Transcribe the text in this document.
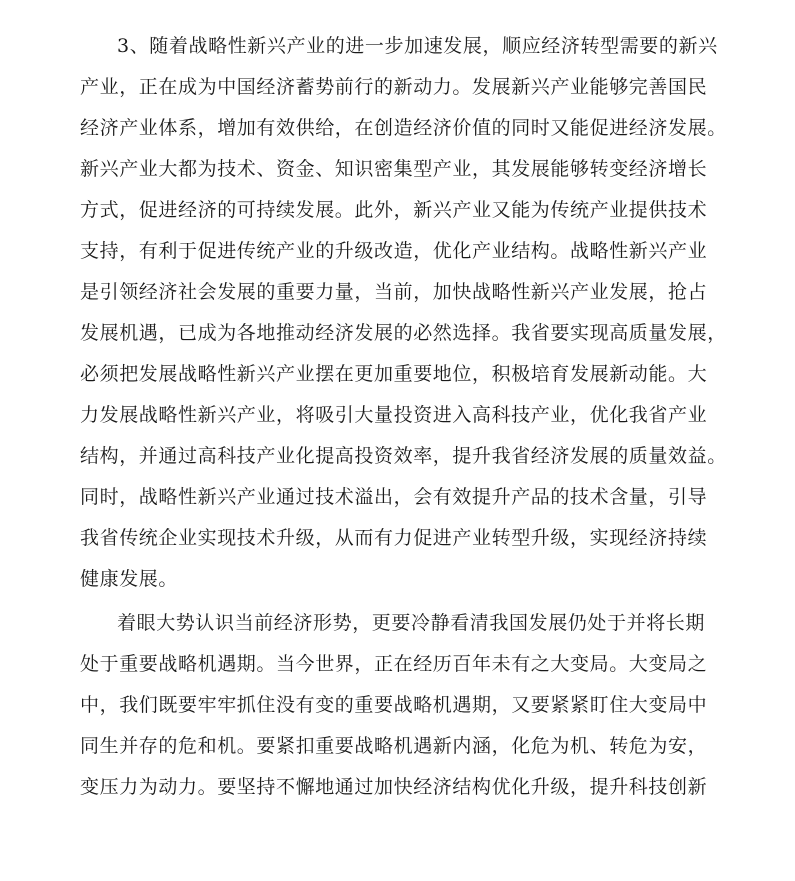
3、随着战略性新兴产业的进一步加速发展，顺应经济转型需要的新兴
产业，正在成为中国经济蓄势前行的新动力。发展新兴产业能够完善国民
经济产业体系，增加有效供给，在创造经济价值的同时又能促进经济发展。
新兴产业大都为技术、资金、知识密集型产业，其发展能够转变经济增长
方式，促进经济的可持续发展。此外，新兴产业又能为传统产业提供技术
支持，有利于促进传统产业的升级改造，优化产业结构。战略性新兴产业
是引领经济社会发展的重要力量，当前，加快战略性新兴产业发展，抢占
发展机遇，已成为各地推动经济发展的必然选择。我省要实现高质量发展，
必须把发展战略性新兴产业摆在更加重要地位，积极培育发展新动能。大
力发展战略性新兴产业，将吸引大量投资进入高科技产业，优化我省产业
结构，并通过高科技产业化提高投资效率，提升我省经济发展的质量效益。
同时，战略性新兴产业通过技术溢出，会有效提升产品的技术含量，引导
我省传统企业实现技术升级，从而有力促进产业转型升级，实现经济持续
健康发展。
着眼大势认识当前经济形势，更要冷静看清我国发展仍处于并将长期
处于重要战略机遇期。当今世界，正在经历百年未有之大变局。大变局之
中，我们既要牢牢抓住没有变的重要战略机遇期，又要紧紧盯住大变局中
同生并存的危和机。要紧扣重要战略机遇新内涵，化危为机、转危为安，
变压力为动力。要坚持不懈地通过加快经济结构优化升级，提升科技创新
